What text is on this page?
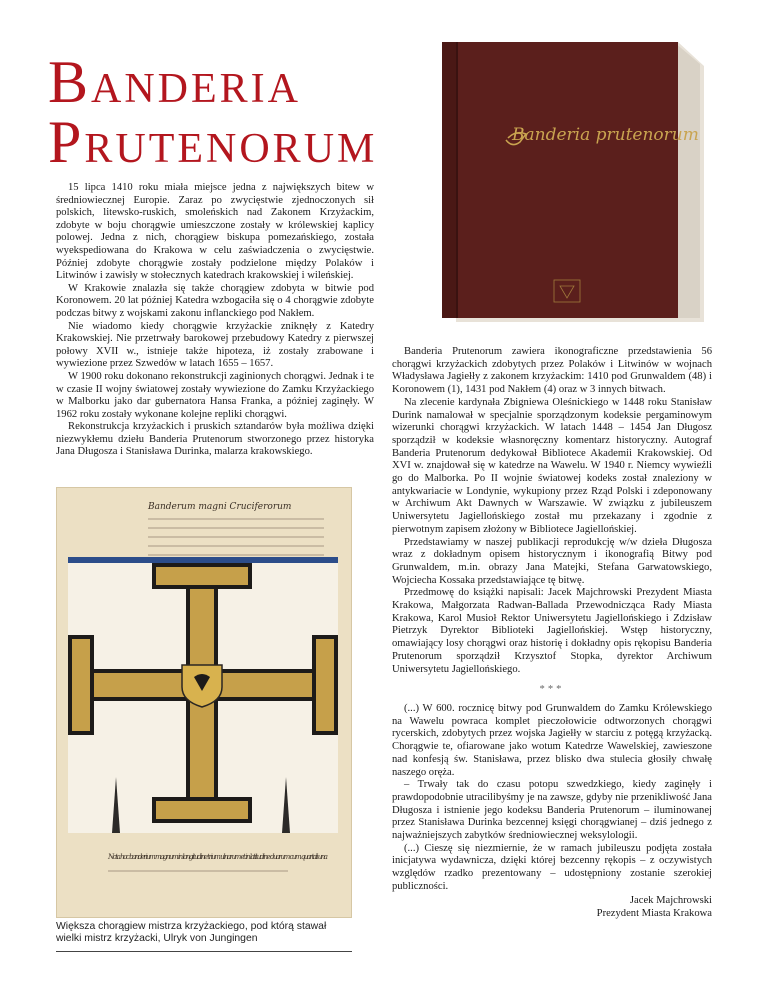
Banderia
Prutenorum	Banderia prutenorum

15 lipca 1410 roku miała miejsce jedna z największych bitew w średniowiecznej Europie. Zaraz po zwycięstwie zjednoczonych sił polskich, litewsko-ruskich, smoleńskich nad Zakonem Krzyżackim, zdobyte w boju chorągwie umieszczone zostały w królewskiej kaplicy polowej. Jedna z nich, chorągiew biskupa pomezańskiego, została wyekspediowana do Krakowa w celu zaświadczenia o zwycięstwie. Później zdobyte chorągwie zostały podzielone między Polaków i Litwinów i zawisły w stołecznych katedrach krakowskiej i wileńskiej.

W Krakowie znalazła się także chorągiew zdobyta w bitwie pod Koronowem. 20 lat później Katedra wzbogaciła się o 4 chorągwie zdobyte podczas bitwy z wojskami zakonu inflanckiego pod Nakłem.

Nie wiadomo kiedy chorągwie krzyżackie zniknęły z Katedry Krakowskiej. Nie przetrwały barokowej przebudowy Katedry z pierwszej połowy XVII w., istnieje także hipoteza, iż zostały zrabowane i wywiezione przez Szwedów w latach 1655 – 1657.

W 1900 roku dokonano rekonstrukcji zaginionych chorągwi. Jednak i te w czasie II wojny światowej zostały wywiezione do Zamku Krzyżackiego w Malborku jako dar gubernatora Hansa Franka, a później zaginęły. W 1962 roku zostały wykonane kolejne repliki chorągwi.

Rekonstrukcja krzyżackich i pruskich sztandarów była możliwa dzięki niezwykłemu dziełu Banderia Prutenorum stworzonego przez historyka Jana Długosza i Stanisława Durinka, malarza krakowskiego.

Banderum magni Cruciferorum
Nota hoc banderium magnum in longitudine trium ulnarum et in latitudine duarum cum quartali una
Większa chorągiew mistrza krzyżackiego, pod którą stawał wielki mistrz krzyżacki, Ulryk von Jungingen

Banderia Prutenorum zawiera ikonograficzne przedstawienia 56 chorągwi krzyżackich zdobytych przez Polaków i Litwinów w wojnach Władysława Jagiełły z zakonem krzyżackim: 1410 pod Grunwaldem (48) i Koronowem (1), 1431 pod Nakłem (4) oraz w 3 innych bitwach.

Na zlecenie kardynała Zbigniewa Oleśnickiego w 1448 roku Stanisław Durink namalował w specjalnie sporządzonym kodeksie pergaminowym wizerunki chorągwi krzyżackich. W latach 1448 – 1454 Jan Długosz sporządził w kodeksie własnoręczny komentarz historyczny. Autograf Banderia Prutenorum dedykował Bibliotece Akademii Krakowskiej. Od XVI w. znajdował się w katedrze na Wawelu. W 1940 r. Niemcy wywieźli go do Malborka. Po II wojnie światowej kodeks został znaleziony w antykwariacie w Londynie, wykupiony przez Rząd Polski i zdeponowany w Archiwum Akt Dawnych w Warszawie. W związku z jubileuszem Uniwersytetu Jagiellońskiego został mu przekazany i zgodnie z pierwotnym zapisem złożony w Bibliotece Jagiellońskiej.

Przedstawiamy w naszej publikacji reprodukcję w/w dzieła Długosza wraz z dokładnym opisem historycznym i ikonografią Bitwy pod Grunwaldem, m.in. obrazy Jana Matejki, Stefana Garwatowskiego, Wojciecha Kossaka przedstawiające tę bitwę.

Przedmowę do książki napisali: Jacek Majchrowski Prezydent Miasta Krakowa, Małgorzata Radwan-Ballada Przewodnicząca Rady Miasta Krakowa, Karol Musioł Rektor Uniwersytetu Jagiellońskiego i Zdzisław Pietrzyk Dyrektor Biblioteki Jagiellońskiej. Wstęp historyczny, omawiający losy chorągwi oraz historię i dokładny opis rękopisu Banderia Prutenorum sporządził Krzysztof Stopka, dyrektor Archiwum Uniwersytetu Jagiellońskiego.

***

(...) W 600. rocznicę bitwy pod Grunwaldem do Zamku Królewskiego na Wawelu powraca komplet pieczołowicie odtworzonych chorągwi rycerskich, zdobytych przez wojska Jagiełły w starciu z potęgą krzyżacką. Chorągwie te, ofiarowane jako wotum Katedrze Wawelskiej, zawieszone nad konfesją św. Stanisława, przez blisko dwa stulecia głosiły chwałę naszego oręża.

– Trwały tak do czasu potopu szwedzkiego, kiedy zaginęły i prawdopodobnie utracilibyśmy je na zawsze, gdyby nie przenikliwość Jana Długosza i istnienie jego kodeksu Banderia Prutenorum – iluminowanej przez Stanisława Durinka bezcennej księgi chorągwianej – dziś jednego z najważniejszych zabytków średniowiecznej weksylologii.

(...) Cieszę się niezmiernie, że w ramach jubileuszu podjęta została inicjatywa wydawnicza, dzięki której bezcenny rękopis – z oczywistych względów rzadko prezentowany – udostępniony zostanie szerokiej publiczności.

Jacek Majchrowski
Prezydent Miasta Krakowa
